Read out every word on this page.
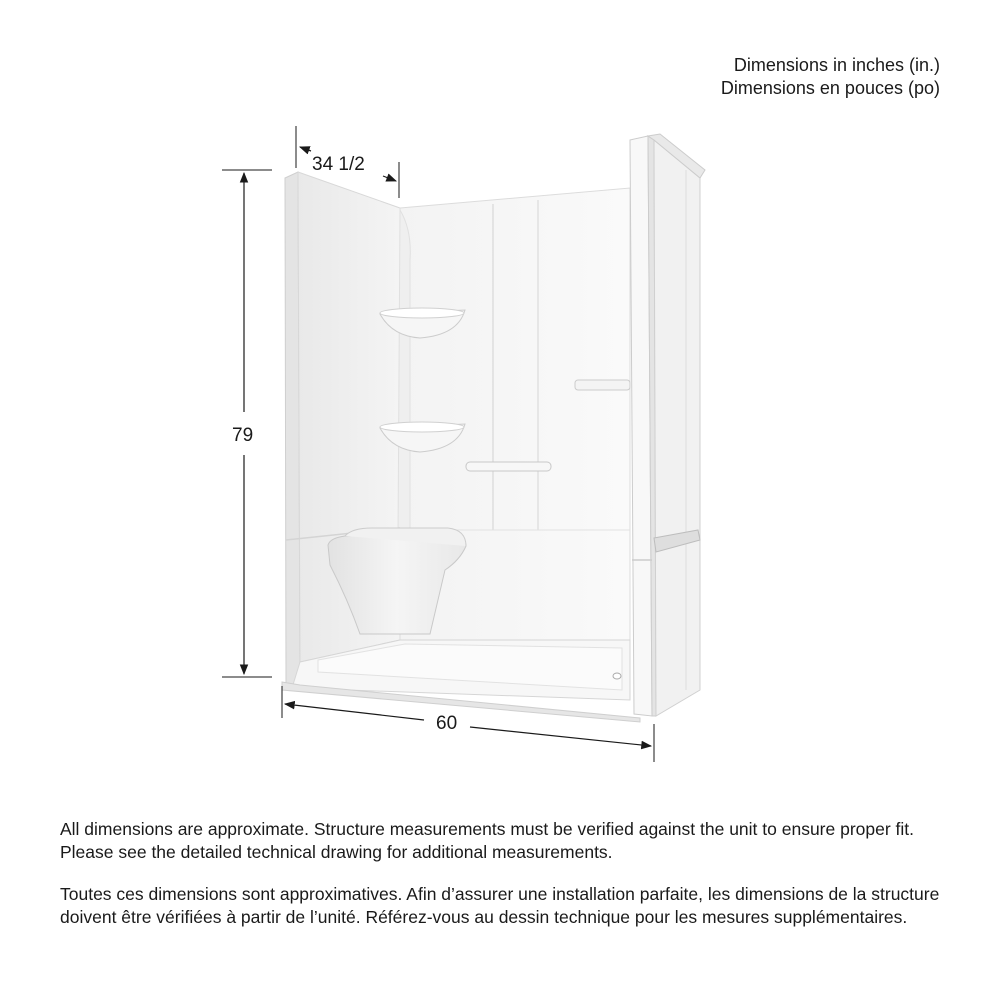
Dimensions in inches (in.)
Dimensions en pouces (po)
34 1/2
79
60

All dimensions are approximate. Structure measurements must be verified against the unit to ensure proper fit. Please see the detailed technical drawing for additional measurements.

Toutes ces dimensions sont approximatives. Afin d’assurer une installation parfaite, les dimensions de la structure doivent être vérifiées à partir de l’unité. Référez-vous au dessin technique pour les mesures supplémentaires.
